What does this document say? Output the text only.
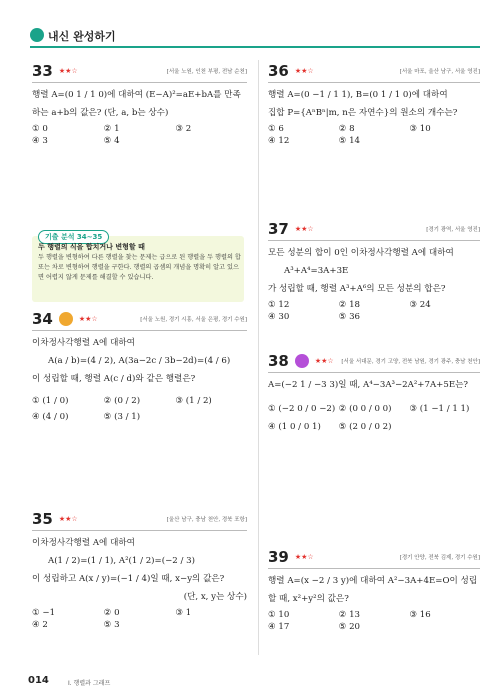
내신 완성하기
33 ★★☆	[서울 노원, 인천 부평, 전남 순천]
행렬 A=(0 1 / 1 0)에 대하여 (E−A)²=aE+bA를 만족
하는 a+b의 값은? (단, a, b는 상수)
① 0	② 1	③ 2
④ 3	⑤ 4
36 ★★☆	[서울 마포, 울산 남구, 서울 영진]
행렬 A=(0 −1 / 1 1), B=(0 1 / 1 0)에 대하여
집합 P={AⁿBⁿ|m, n은 자연수}의 원소의 개수는?
① 6	② 8	③ 10
④ 12	⑤ 14
기출 분석 34~35
두 행렬의 식을 합치거나 변형할 때
두 행렬을 변형하여 다른 행렬을 찾는 문제는 급으로 된 행렬을 두 행렬의 합 또는 차로 변형하여 행렬을 구한다. 행렬의 곱셈의 개념을 명확히 알고 있으면 어렵지 않게 문제를 해결할 수 있습니다.
37 ★★☆	[경기 광역, 서울 영진]
모든 성분의 합이 0인 이차정사각행렬 A에 대하여
A³+A⁴=3A+3E
가 성립할 때, 행렬 A³+A⁶의 모든 성분의 합은?
① 12	② 18	③ 24
④ 30	⑤ 36
34	★★☆	[서울 노원, 경기 시흥, 서울 은평, 경기 수원]
이차정사각행렬 A에 대하여
A(a / b)=(4 / 2), A(3a−2c / 3b−2d)=(4 / 6)
이 성립할 때, 행렬 A(c / d)와 같은 행렬은?
① (1 / 0)	② (0 / 2)	③ (1 / 2)
④ (4 / 0)	⑤ (3 / 1)
38	★★☆ [서울 서대문, 경기 고양, 전북 남원, 경기 광주, 충남 천안]
A=(−2 1 / −3 3)일 때, A⁴−3A³−2A²+7A+5E는?
① (−2 0 / 0 −2) ② (0 0 / 0 0)	③ (1 −1 / 1 1)
④ (1 0 / 0 1)	⑤ (2 0 / 0 2)
35 ★★☆	[울산 남구, 충남 천안, 경북 포항]
이차정사각행렬 A에 대하여
A(1 / 2)=(1 / 1), A²(1 / 2)=(−2 / 3)
이 성립하고 A(x / y)=(−1 / 4)일 때, x−y의 값은?
(단, x, y는 상수)
① −1	② 0	③ 1
④ 2	⑤ 3
39 ★★☆	[경기 안양, 전북 김제, 경기 수원]
행렬 A=(x −2 / 3 y)에 대하여 A²−3A+4E=O이 성립
할 때, x²+y²의 값은?
① 10	② 13	③ 16
④ 17	⑤ 20
014	I. 행렬과 그래프
